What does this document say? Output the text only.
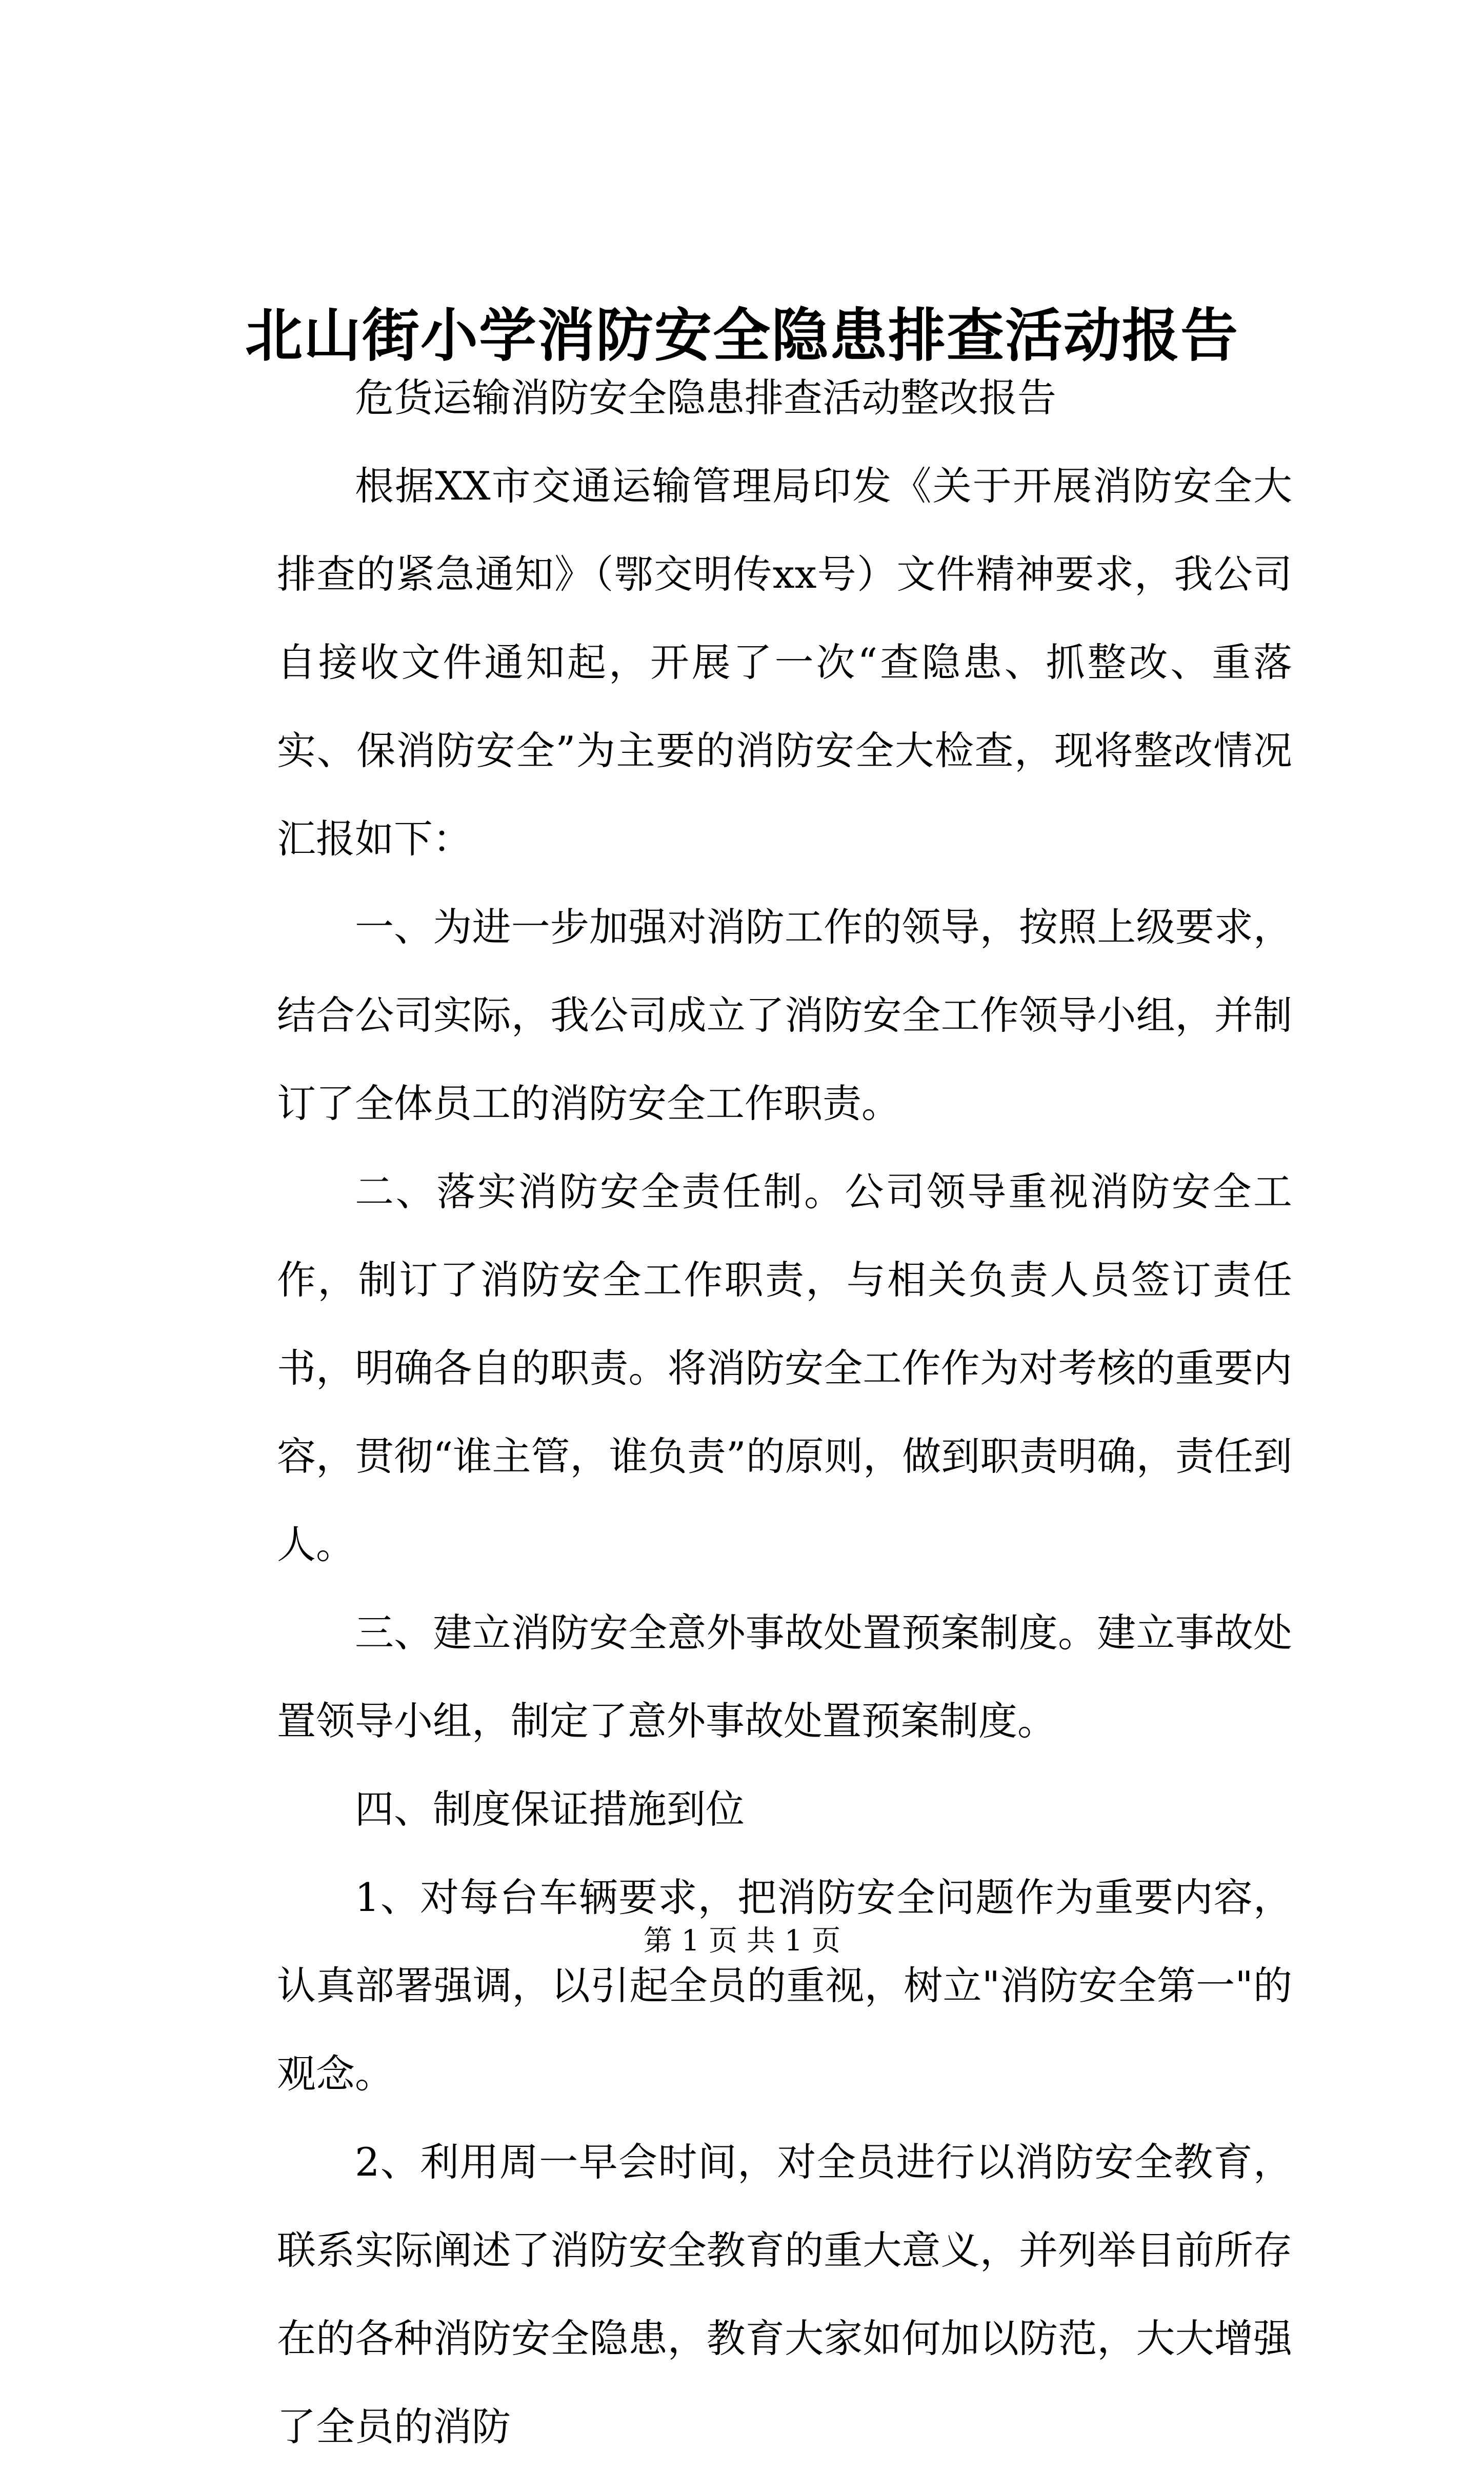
北山街小学消防安全隐患排查活动报告

危货运输消防安全隐患排查活动整改报告

根据XX市交通运输管理局印发《关于开展消防安全大排查的紧急通知》（鄂交明传xx号）文件精神要求，我公司自接收文件通知起，开展了一次“查隐患、抓整改、重落实、保消防安全”为主要的消防安全大检查，现将整改情况汇报如下：

一、为进一步加强对消防工作的领导，按照上级要求，结合公司实际，我公司成立了消防安全工作领导小组，并制订了全体员工的消防安全工作职责。

二、落实消防安全责任制。公司领导重视消防安全工作，制订了消防安全工作职责，与相关负责人员签订责任书，明确各自的职责。将消防安全工作作为对考核的重要内容，贯彻“谁主管，谁负责”的原则，做到职责明确，责任到人。

三、建立消防安全意外事故处置预案制度。建立事故处置领导小组，制定了意外事故处置预案制度。

四、制度保证措施到位

1、对每台车辆要求，把消防安全问题作为重要内容，认真部署强调，以引起全员的重视，树立"消防安全第一"的观念。

2、利用周一早会时间，对全员进行以消防安全教育，联系实际阐述了消防安全教育的重大意义，并列举目前所存在的各种消防安全隐患，教育大家如何加以防范，大大增强了全员的消防

第 1 页 共 1 页
